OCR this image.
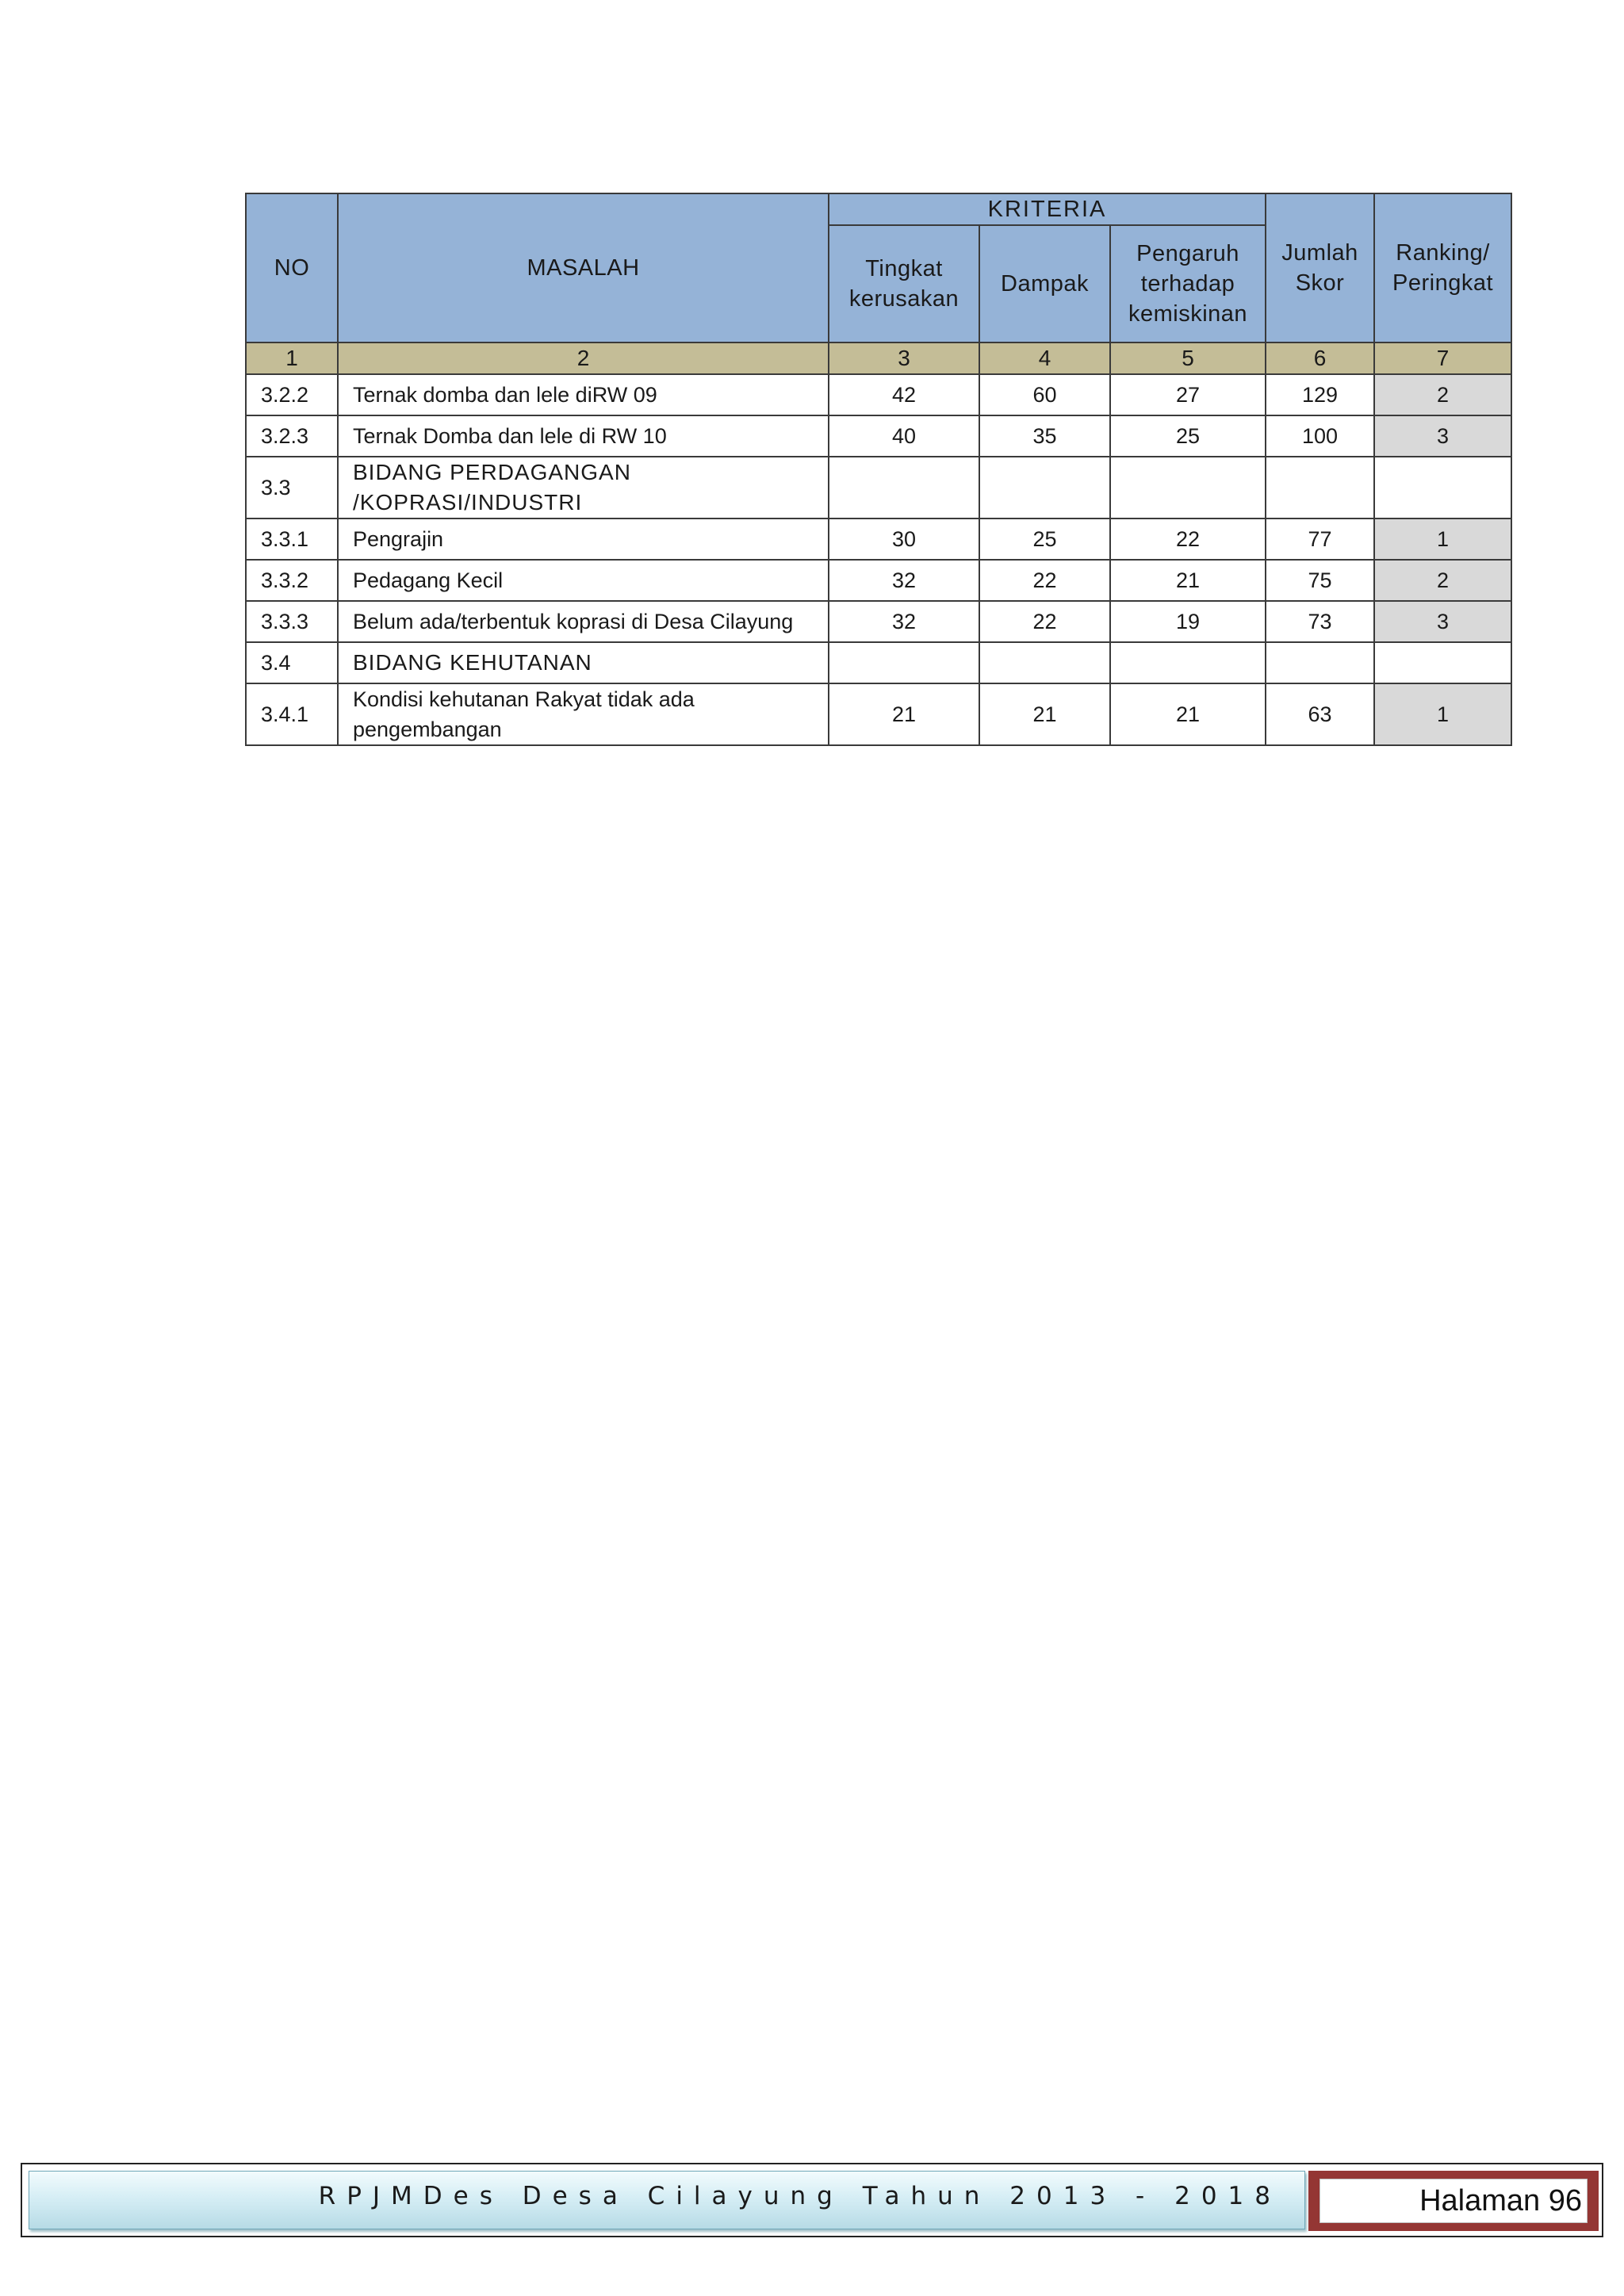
NO	MASALAH	KRITERIA			Jumlah Skor	Ranking/ Peringkat
		Tingkat kerusakan	Dampak	Pengaruh terhadap kemiskinan		
1	2	3	4	5	6	7
3.2.2	Ternak domba dan lele diRW 09	42	60	27	129	2
3.2.3	Ternak Domba dan lele di RW 10	40	35	25	100	3
3.3	BIDANG PERDAGANGAN /KOPRASI/INDUSTRI					
3.3.1	Pengrajin	30	25	22	77	1
3.3.2	Pedagang Kecil	32	22	21	75	2
3.3.3	Belum ada/terbentuk koprasi di Desa Cilayung	32	22	19	73	3
3.4	BIDANG KEHUTANAN					
3.4.1	Kondisi kehutanan Rakyat tidak ada pengembangan	21	21	21	63	1
RPJMDes Desa Cilayung Tahun 2013 - 2018	Halaman 96
